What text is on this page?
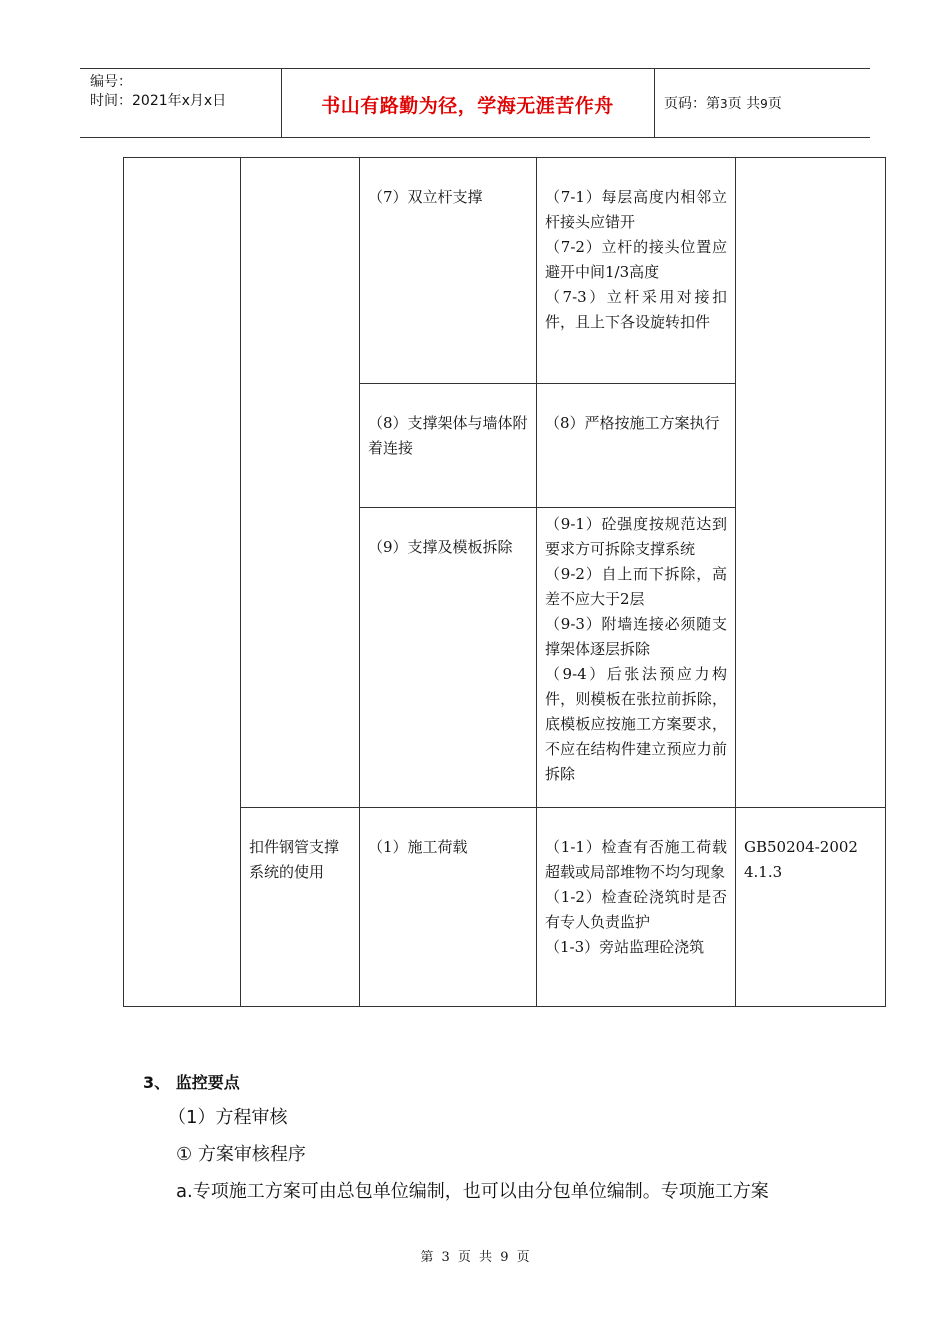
编号：
时间：2021年x月x日	书山有路勤为径，学海无涯苦作舟	页码：第3页 共9页

		（7）双立杆支撑	（7-1）每层高度内相邻立杆接头应错开
（7-2）立杆的接头位置应避开中间1/3高度
（7-3）立杆采用对接扣件，且上下各设旋转扣件	

		（8）支撑架体与墙体附着连接	（8）严格按施工方案执行	

		（9）支撑及模板拆除	（9-1）砼强度按规范达到要求方可拆除支撑系统
（9-2）自上而下拆除，高差不应大于2层
（9-3）附墙连接必须随支撑架体逐层拆除
（9-4）后张法预应力构件，则模板在张拉前拆除，底模板应按施工方案要求，不应在结构件建立预应力前拆除	

	扣件钢管支撑系统的使用	（1）施工荷载	（1-1）检查有否施工荷载超载或局部堆物不均匀现象
（1-2）检查砼浇筑时是否有专人负责监护
（1-3）旁站监理砼浇筑	GB50204-2002
4.1.3
3、 监控要点
（1）方程审核
① 方案审核程序
a.专项施工方案可由总包单位编制，也可以由分包单位编制。专项施工方案
第 3 页 共 9 页
